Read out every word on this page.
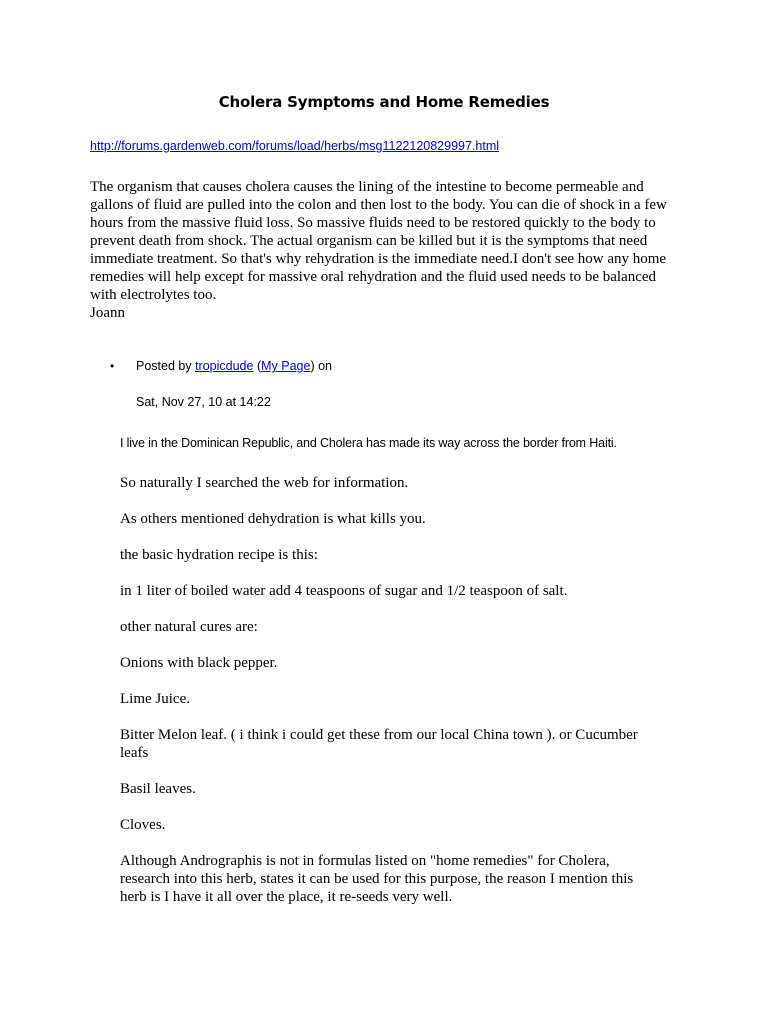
Cholera Symptoms and Home Remedies
http://forums.gardenweb.com/forums/load/herbs/msg1122120829997.html

The organism that causes cholera causes the lining of the intestine to become permeable and gallons of fluid are pulled into the colon and then lost to the body. You can die of shock in a few hours from the massive fluid loss. So massive fluids need to be restored quickly to the body to prevent death from shock. The actual organism can be killed but it is the symptoms that need immediate treatment. So that's why rehydration is the immediate need.I don't see how any home remedies will help except for massive oral rehydration and the fluid used needs to be balanced with electrolytes too.
Joann

• Posted by tropicdude (My Page) on
Sat, Nov 27, 10 at 14:22
I live in the Dominican Republic, and Cholera has made its way across the border from Haiti.

So naturally I searched the web for information.

As others mentioned dehydration is what kills you.

the basic hydration recipe is this:

in 1 liter of boiled water add 4 teaspoons of sugar and 1/2 teaspoon of salt.

other natural cures are:

Onions with black pepper.

Lime Juice.

Bitter Melon leaf. ( i think i could get these from our local China town ). or Cucumber leafs

Basil leaves.

Cloves.

Although Andrographis is not in formulas listed on "home remedies" for Cholera, research into this herb, states it can be used for this purpose, the reason I mention this herb is I have it all over the place, it re-seeds very well.
